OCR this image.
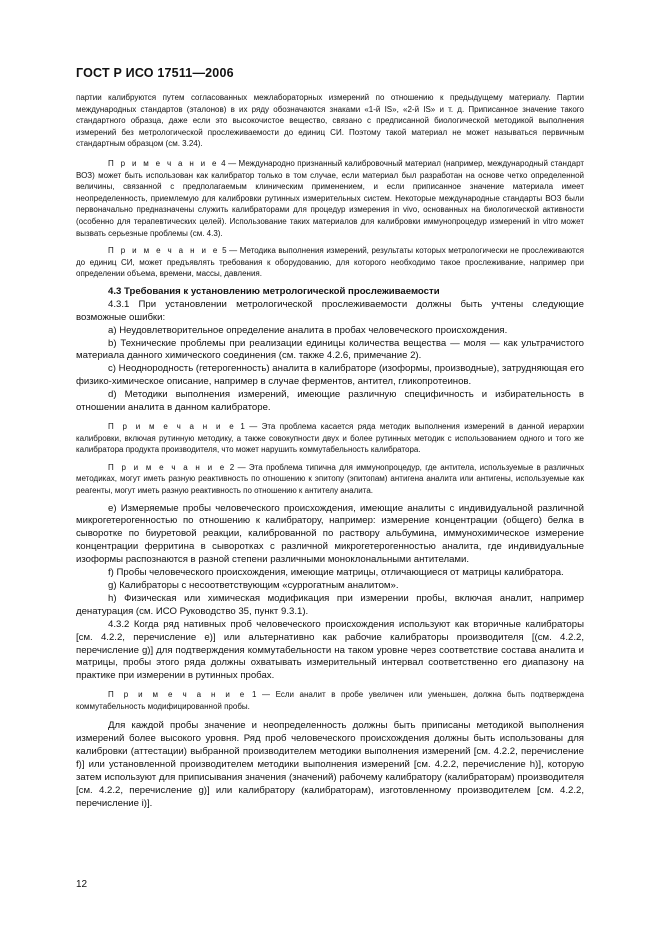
ГОСТ Р ИСО 17511—2006

партии калибруются путем согласованных межлабораторных измерений по отношению к предыдущему материалу. Партии международных стандартов (эталонов) в их ряду обозначаются знаками «1-й IS», «2-й IS» и т. д. Приписанное значение такого стандартного образца, даже если это высокочистое вещество, связано с предписанной биологической методикой выполнения измерений без метрологической прослеживаемости до единиц СИ. Поэтому такой материал не может называться первичным стандартным образцом (см. 3.24).

П р и м е ч а н и е 4 — Международно признанный калибровочный материал (например, международный стандарт ВОЗ) может быть использован как калибратор только в том случае, если материал был разработан на основе четко определенной величины, связанной с предполагаемым клиническим применением, и если приписанное значение материала имеет неопределенность, приемлемую для калибровки рутинных измерительных систем. Некоторые международные стандарты ВОЗ были первоначально предназначены служить калибраторами для процедур измерения in vivo, основанных на биологической активности (особенно для терапевтических целей). Использование таких материалов для калибровки иммунопроцедур измерений in vitro может вызвать серьезные проблемы (см. 4.3).

П р и м е ч а н и е 5 — Методика выполнения измерений, результаты которых метрологически не прослеживаются до единиц СИ, может предъявлять требования к оборудованию, для которого необходимо такое прослеживание, например при определении объема, времени, массы, давления.

4.3 Требования к установлению метрологической прослеживаемости

4.3.1 При установлении метрологической прослеживаемости должны быть учтены следующие возможные ошибки:

a) Неудовлетворительное определение аналита в пробах человеческого происхождения.

b) Технические проблемы при реализации единицы количества вещества — моля — как ультрачистого материала данного химического соединения (см. также 4.2.6, примечание 2).

c) Неоднородность (гетерогенность) аналита в калибраторе (изоформы, производные), затрудняющая его физико-химическое описание, например в случае ферментов, антител, гликопротеинов.

d) Методики выполнения измерений, имеющие различную специфичность и избирательность в отношении аналита в данном калибраторе.

П р и м е ч а н и е 1 — Эта проблема касается ряда методик выполнения измерений в данной иерархии калибровки, включая рутинную методику, а также совокупности двух и более рутинных методик с использованием одного и того же калибратора продукта производителя, что может нарушить коммутабельность калибратора.

П р и м е ч а н и е 2 — Эта проблема типична для иммунопроцедур, где антитела, используемые в различных методиках, могут иметь разную реактивность по отношению к эпитопу (эпитопам) антигена аналита или антигены, используемые как реагенты, могут иметь разную реактивность по отношению к антителу аналита.

e) Измеряемые пробы человеческого происхождения, имеющие аналиты с индивидуальной различной микрогетерогенностью по отношению к калибратору, например: измерение концентрации (общего) белка в сыворотке по биуретовой реакции, калиброванной по раствору альбумина, иммунохимическое измерение концентрации ферритина в сыворотках с различной микрогетерогенностью аналита, где индивидуальные изоформы распознаются в разной степени различными моноклональными антителами.

f) Пробы человеческого происхождения, имеющие матрицы, отличающиеся от матрицы калибратора.

g) Калибраторы с несоответствующим «суррогатным аналитом».

h) Физическая или химическая модификация при измерении пробы, включая аналит, например денатурация (см. ИСО Руководство 35, пункт 9.3.1).

4.3.2 Когда ряд нативных проб человеческого происхождения используют как вторичные калибраторы [см. 4.2.2, перечисление е)] или альтернативно как рабочие калибраторы производителя [(см. 4.2.2, перечисление g)] для подтверждения коммутабельности на таком уровне через соответствие состава аналита и матрицы, пробы этого ряда должны охватывать измерительный интервал соответственно его диапазону на практике при измерении в рутинных пробах.

П р и м е ч а н и е 1 — Если аналит в пробе увеличен или уменьшен, должна быть подтверждена коммутабельность модифицированной пробы.

Для каждой пробы значение и неопределенность должны быть приписаны методикой выполнения измерений более высокого уровня. Ряд проб человеческого происхождения должны быть использованы для калибровки (аттестации) выбранной производителем методики выполнения измерений [см. 4.2.2, перечисление f)] или установленной производителем методики выполнения измерений [см. 4.2.2, перечисление h)], которую затем используют для приписывания значения (значений) рабочему калибратору (калибраторам) производителя [см. 4.2.2, перечисление g)] или калибратору (калибраторам), изготовленному производителем [см. 4.2.2, перечисление i)].

12
